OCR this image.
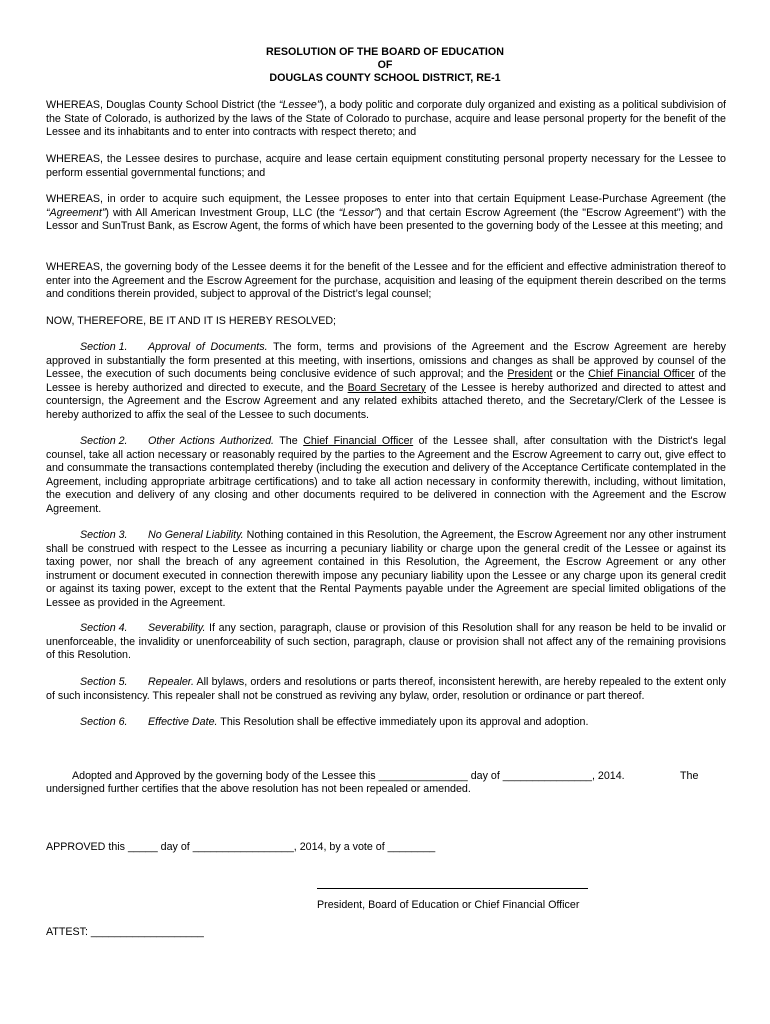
RESOLUTION OF THE BOARD OF EDUCATION
OF
DOUGLAS COUNTY SCHOOL DISTRICT, RE-1
WHEREAS, Douglas County School District (the “Lessee”), a body politic and corporate duly organized and existing as a political subdivision of the State of Colorado, is authorized by the laws of the State of Colorado to purchase, acquire and lease personal property for the benefit of the Lessee and its inhabitants and to enter into contracts with respect thereto; and
WHEREAS, the Lessee desires to purchase, acquire and lease certain equipment constituting personal property necessary for the Lessee to perform essential governmental functions; and
WHEREAS, in order to acquire such equipment, the Lessee proposes to enter into that certain Equipment Lease-Purchase Agreement (the “Agreement”) with All American Investment Group, LLC (the “Lessor”) and that certain Escrow Agreement (the "Escrow Agreement") with the Lessor and SunTrust Bank, as Escrow Agent, the forms of which have been presented to the governing body of the Lessee at this meeting; and
WHEREAS, the governing body of the Lessee deems it for the benefit of the Lessee and for the efficient and effective administration thereof to enter into the Agreement and the Escrow Agreement for the purchase, acquisition and leasing of the equipment therein described on the terms and conditions therein provided, subject to approval of the District’s legal counsel;
NOW, THEREFORE, BE IT AND IT IS HEREBY RESOLVED;
Section 1. Approval of Documents. The form, terms and provisions of the Agreement and the Escrow Agreement are hereby approved in substantially the form presented at this meeting, with insertions, omissions and changes as shall be approved by counsel of the Lessee, the execution of such documents being conclusive evidence of such approval; and the President or the Chief Financial Officer of the Lessee is hereby authorized and directed to execute, and the Board Secretary of the Lessee is hereby authorized and directed to attest and countersign, the Agreement and the Escrow Agreement and any related exhibits attached thereto, and the Secretary/Clerk of the Lessee is hereby authorized to affix the seal of the Lessee to such documents.
Section 2. Other Actions Authorized. The Chief Financial Officer of the Lessee shall, after consultation with the District's legal counsel, take all action necessary or reasonably required by the parties to the Agreement and the Escrow Agreement to carry out, give effect to and consummate the transactions contemplated thereby (including the execution and delivery of the Acceptance Certificate contemplated in the Agreement, including appropriate arbitrage certifications) and to take all action necessary in conformity therewith, including, without limitation, the execution and delivery of any closing and other documents required to be delivered in connection with the Agreement and the Escrow Agreement.
Section 3. No General Liability. Nothing contained in this Resolution, the Agreement, the Escrow Agreement nor any other instrument shall be construed with respect to the Lessee as incurring a pecuniary liability or charge upon the general credit of the Lessee or against its taxing power, nor shall the breach of any agreement contained in this Resolution, the Agreement, the Escrow Agreement or any other instrument or document executed in connection therewith impose any pecuniary liability upon the Lessee or any charge upon its general credit or against its taxing power, except to the extent that the Rental Payments payable under the Agreement are special limited obligations of the Lessee as provided in the Agreement.
Section 4. Severability. If any section, paragraph, clause or provision of this Resolution shall for any reason be held to be invalid or unenforceable, the invalidity or unenforceability of such section, paragraph, clause or provision shall not affect any of the remaining provisions of this Resolution.
Section 5. Repealer. All bylaws, orders and resolutions or parts thereof, inconsistent herewith, are hereby repealed to the extent only of such inconsistency. This repealer shall not be construed as reviving any bylaw, order, resolution or ordinance or part thereof.
Section 6. Effective Date. This Resolution shall be effective immediately upon its approval and adoption.
Adopted and Approved by the governing body of the Lessee this _______________ day of _______________, 2014.	The
undersigned further certifies that the above resolution has not been repealed or amended.
APPROVED this _____ day of _________________, 2014, by a vote of ________
President, Board of Education or Chief Financial Officer
ATTEST: ___________________
